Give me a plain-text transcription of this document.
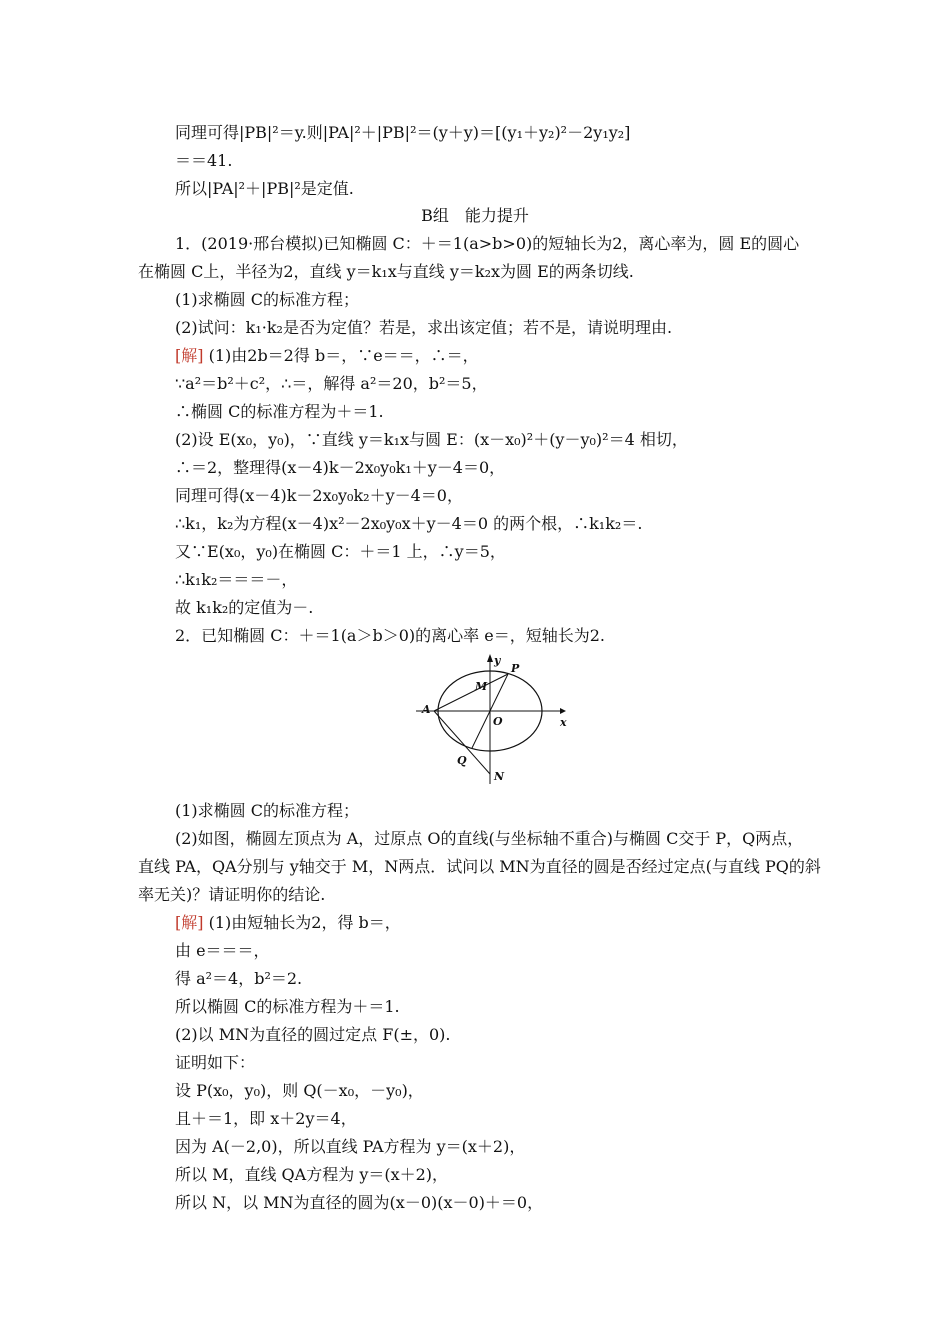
同理可得|PB|²＝y.则|PA|²＋|PB|²＝(y＋y)＝[(y₁＋y₂)²－2y₁y₂]
＝＝41.
所以|PA|²＋|PB|²是定值.
B组　能力提升
1．(2019·邢台模拟)已知椭圆 C：＋＝1(a>b>0)的短轴长为2，离心率为，圆 E的圆心
在椭圆 C上，半径为2，直线 y＝k₁x与直线 y＝k₂x为圆 E的两条切线.
(1)求椭圆 C的标准方程；
(2)试问：k₁·k₂是否为定值？若是，求出该定值；若不是，请说明理由.
[解] (1)由2b＝2得 b＝，∵e＝＝，∴＝，
∵a²＝b²＋c²，∴＝，解得 a²＝20，b²＝5，
∴椭圆 C的标准方程为＋＝1.
(2)设 E(x₀，y₀)，∵直线 y＝k₁x与圆 E：(x－x₀)²＋(y－y₀)²＝4 相切，
∴＝2，整理得(x－4)k－2x₀y₀k₁＋y－4＝0，
同理可得(x－4)k－2x₀y₀k₂＋y－4＝0，
∴k₁，k₂为方程(x－4)x²－2x₀y₀x＋y－4＝0 的两个根，∴k₁k₂＝.
又∵E(x₀，y₀)在椭圆 C：＋＝1 上，∴y＝5，
∴k₁k₂＝＝＝－，
故 k₁k₂的定值为－.
2．已知椭圆 C：＋＝1(a＞b＞0)的离心率 e＝，短轴长为2.
y
x
P
M
A
O
Q
N
(1)求椭圆 C的标准方程；
(2)如图，椭圆左顶点为 A，过原点 O的直线(与坐标轴不重合)与椭圆 C交于 P，Q两点，
直线 PA，QA分别与 y轴交于 M，N两点．试问以 MN为直径的圆是否经过定点(与直线 PQ的斜
率无关)？请证明你的结论.
[解] (1)由短轴长为2，得 b＝，
由 e＝＝＝，
得 a²＝4，b²＝2.
所以椭圆 C的标准方程为＋＝1.
(2)以 MN为直径的圆过定点 F(±，0).
证明如下：
设 P(x₀，y₀)，则 Q(－x₀，－y₀)，
且＋＝1，即 x＋2y＝4，
因为 A(－2,0)，所以直线 PA方程为 y＝(x＋2)，
所以 M，直线 QA方程为 y＝(x＋2)，
所以 N，以 MN为直径的圆为(x－0)(x－0)＋＝0，
